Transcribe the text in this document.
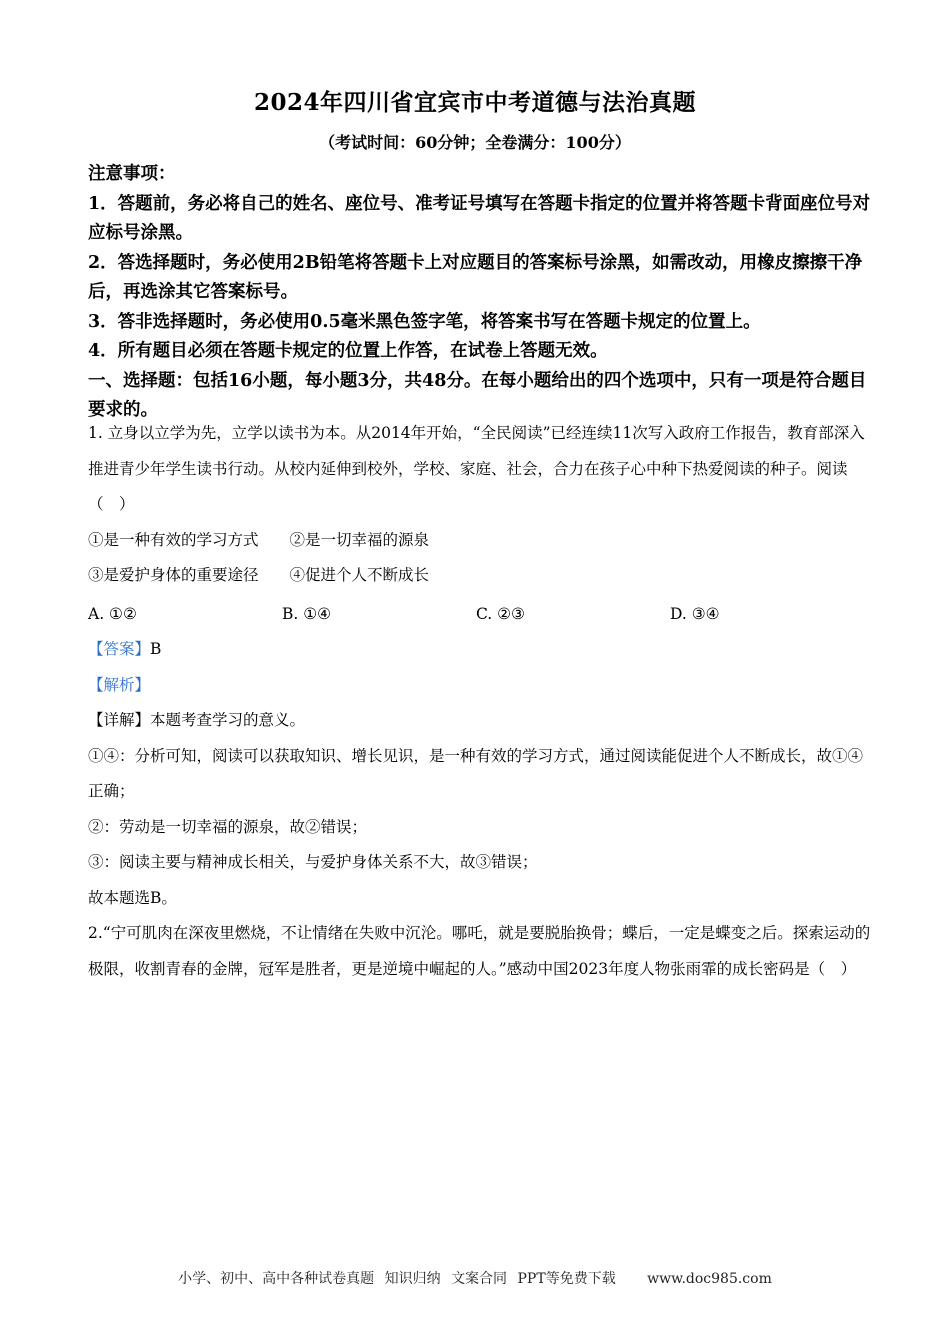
2024年四川省宜宾市中考道德与法治真题
（考试时间：60分钟；全卷满分：100分）

注意事项：

1．答题前，务必将自己的姓名、座位号、准考证号填写在答题卡指定的位置并将答题卡背面座位号对应标号涂黑。

2．答选择题时，务必使用2B铅笔将答题卡上对应题目的答案标号涂黑，如需改动，用橡皮擦擦干净后，再选涂其它答案标号。

3．答非选择题时，务必使用0.5毫米黑色签字笔，将答案书写在答题卡规定的位置上。

4．所有题目必须在答题卡规定的位置上作答，在试卷上答题无效。

一、选择题：包括16小题，每小题3分，共48分。在每小题给出的四个选项中，只有一项是符合题目要求的。

1. 立身以立学为先，立学以读书为本。从2014年开始，“全民阅读”已经连续11次写入政府工作报告，教育部深入推进青少年学生读书行动。从校内延伸到校外，学校、家庭、社会，合力在孩子心中种下热爱阅读的种子。阅读（　）

①是一种有效的学习方式　　②是一切幸福的源泉

③是爱护身体的重要途径　　④促进个人不断成长

A. ①②	B. ①④	C. ②③	D. ③④

【答案】B

【解析】

【详解】本题考查学习的意义。

①④：分析可知，阅读可以获取知识、增长见识，是一种有效的学习方式，通过阅读能促进个人不断成长，故①④正确；

②：劳动是一切幸福的源泉，故②错误；

③：阅读主要与精神成长相关，与爱护身体关系不大，故③错误；

故本题选B。

2.“宁可肌肉在深夜里燃烧，不让情绪在失败中沉沦。哪吒，就是要脱胎换骨；蝶后，一定是蝶变之后。探索运动的极限，收割青春的金牌，冠军是胜者，更是逆境中崛起的人。”感动中国2023年度人物张雨霏的成长密码是（　）

小学、初中、高中各种试卷真题 知识归纳 文案合同 PPT等免费下载 www.doc985.com
